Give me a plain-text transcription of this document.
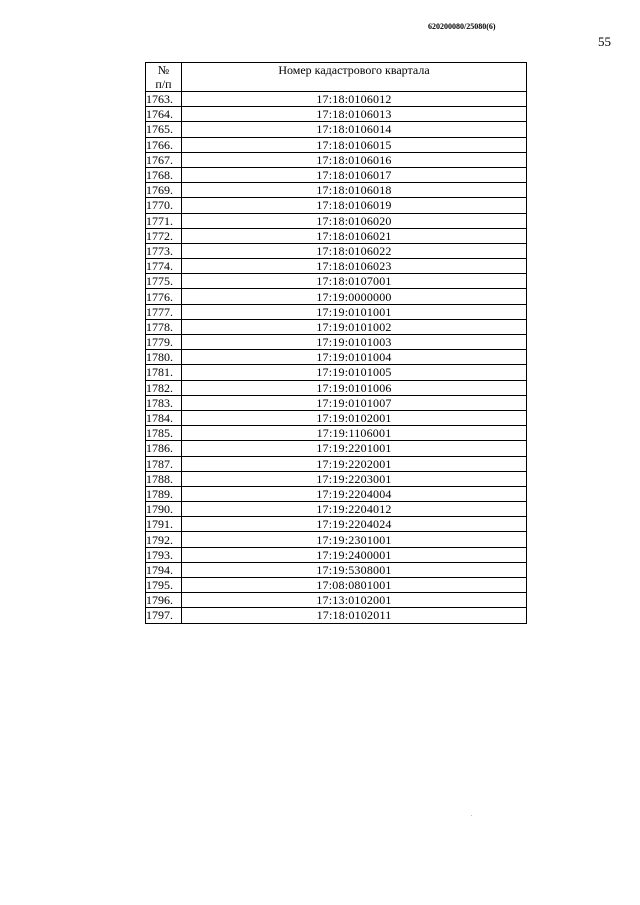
620200080/25080(6)
55
№
п/п	Номер кадастрового квартала
1763.	17:18:0106012
1764.	17:18:0106013
1765.	17:18:0106014
1766.	17:18:0106015
1767.	17:18:0106016
1768.	17:18:0106017
1769.	17:18:0106018
1770.	17:18:0106019
1771.	17:18:0106020
1772.	17:18:0106021
1773.	17:18:0106022
1774.	17:18:0106023
1775.	17:18:0107001
1776.	17:19:0000000
1777.	17:19:0101001
1778.	17:19:0101002
1779.	17:19:0101003
1780.	17:19:0101004
1781.	17:19:0101005
1782.	17:19:0101006
1783.	17:19:0101007
1784.	17:19:0102001
1785.	17:19:1106001
1786.	17:19:2201001
1787.	17:19:2202001
1788.	17:19:2203001
1789.	17:19:2204004
1790.	17:19:2204012
1791.	17:19:2204024
1792.	17:19:2301001
1793.	17:19:2400001
1794.	17:19:5308001
1795.	17:08:0801001
1796.	17:13:0102001
1797.	17:18:0102011
